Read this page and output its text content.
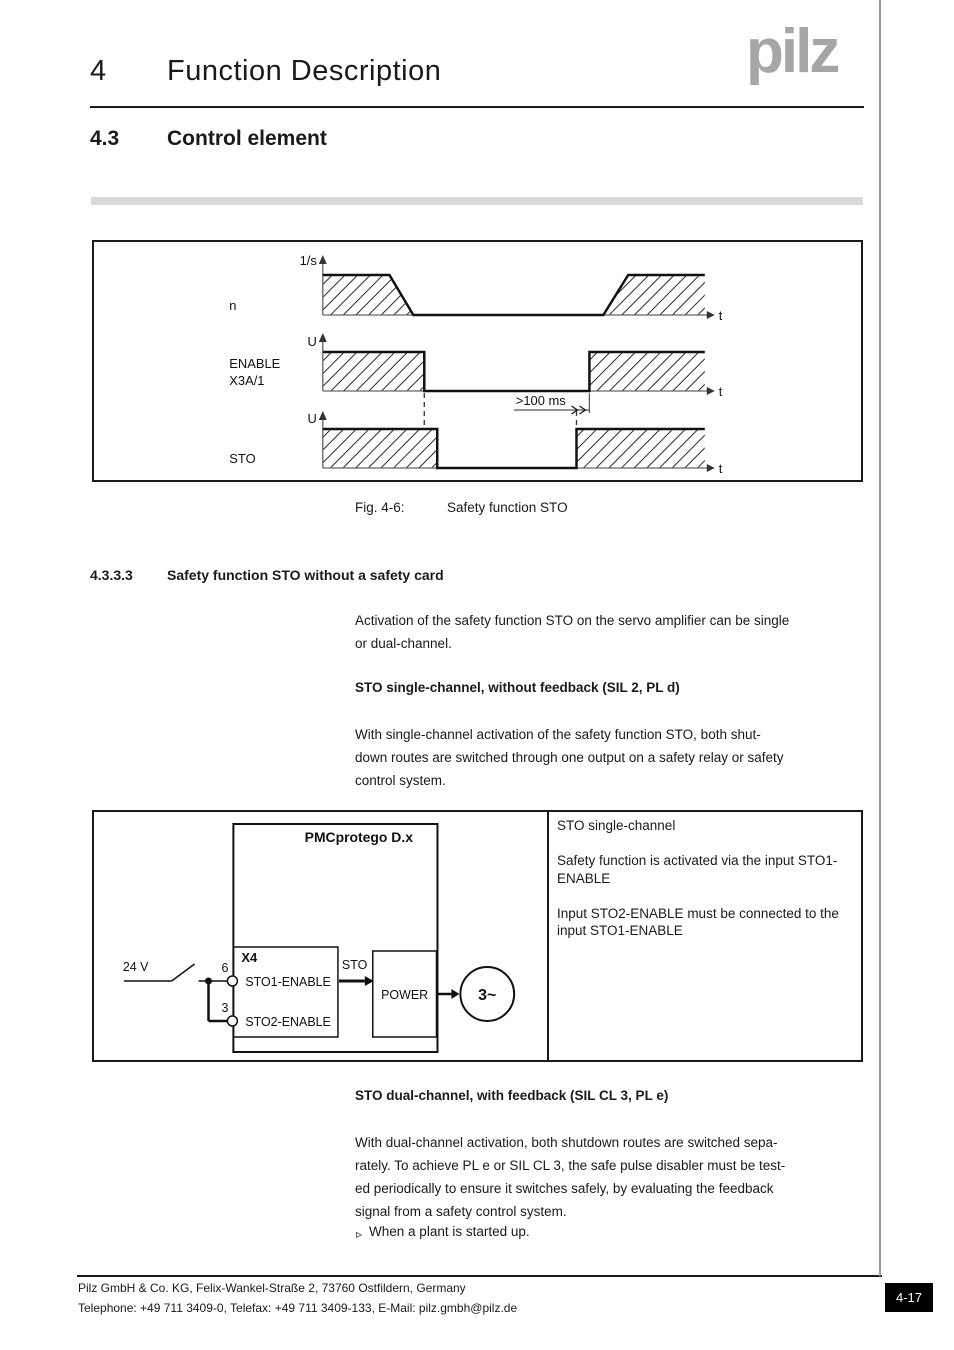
4 Function Description	pilz
4.3 Control element
1/s
n
t
U
ENABLE
X3A/1
t
>100 ms
U
STO
t
Fig. 4-6:	Safety function STO
4.3.3.3 Safety function STO without a safety card
Activation of the safety function STO on the servo amplifier can be single
or dual-channel.
STO single-channel, without feedback (SIL 2, PL d)
With single-channel activation of the safety function STO, both shut-
down routes are switched through one output on a safety relay or safety
control system.
PMCprotego D.x
X4
24 V	6
3
STO1-ENABLE
STO2-ENABLE
STO
POWER	3~
STO single-channel

Safety function is activated via the input STO1-
ENABLE

Input STO2-ENABLE must be connected to the
input STO1-ENABLE
STO dual-channel, with feedback (SIL CL 3, PL e)
With dual-channel activation, both shutdown routes are switched sepa-
rately. To achieve PL e or SIL CL 3, the safe pulse disabler must be test-
ed periodically to ensure it switches safely, by evaluating the feedback
signal from a safety control system.
▹ When a plant is started up.
Pilz GmbH & Co. KG, Felix-Wankel-Straße 2, 73760 Ostfildern, Germany
Telephone: +49 711 3409-0, Telefax: +49 711 3409-133, E-Mail: pilz.gmbh@pilz.de
4-17
